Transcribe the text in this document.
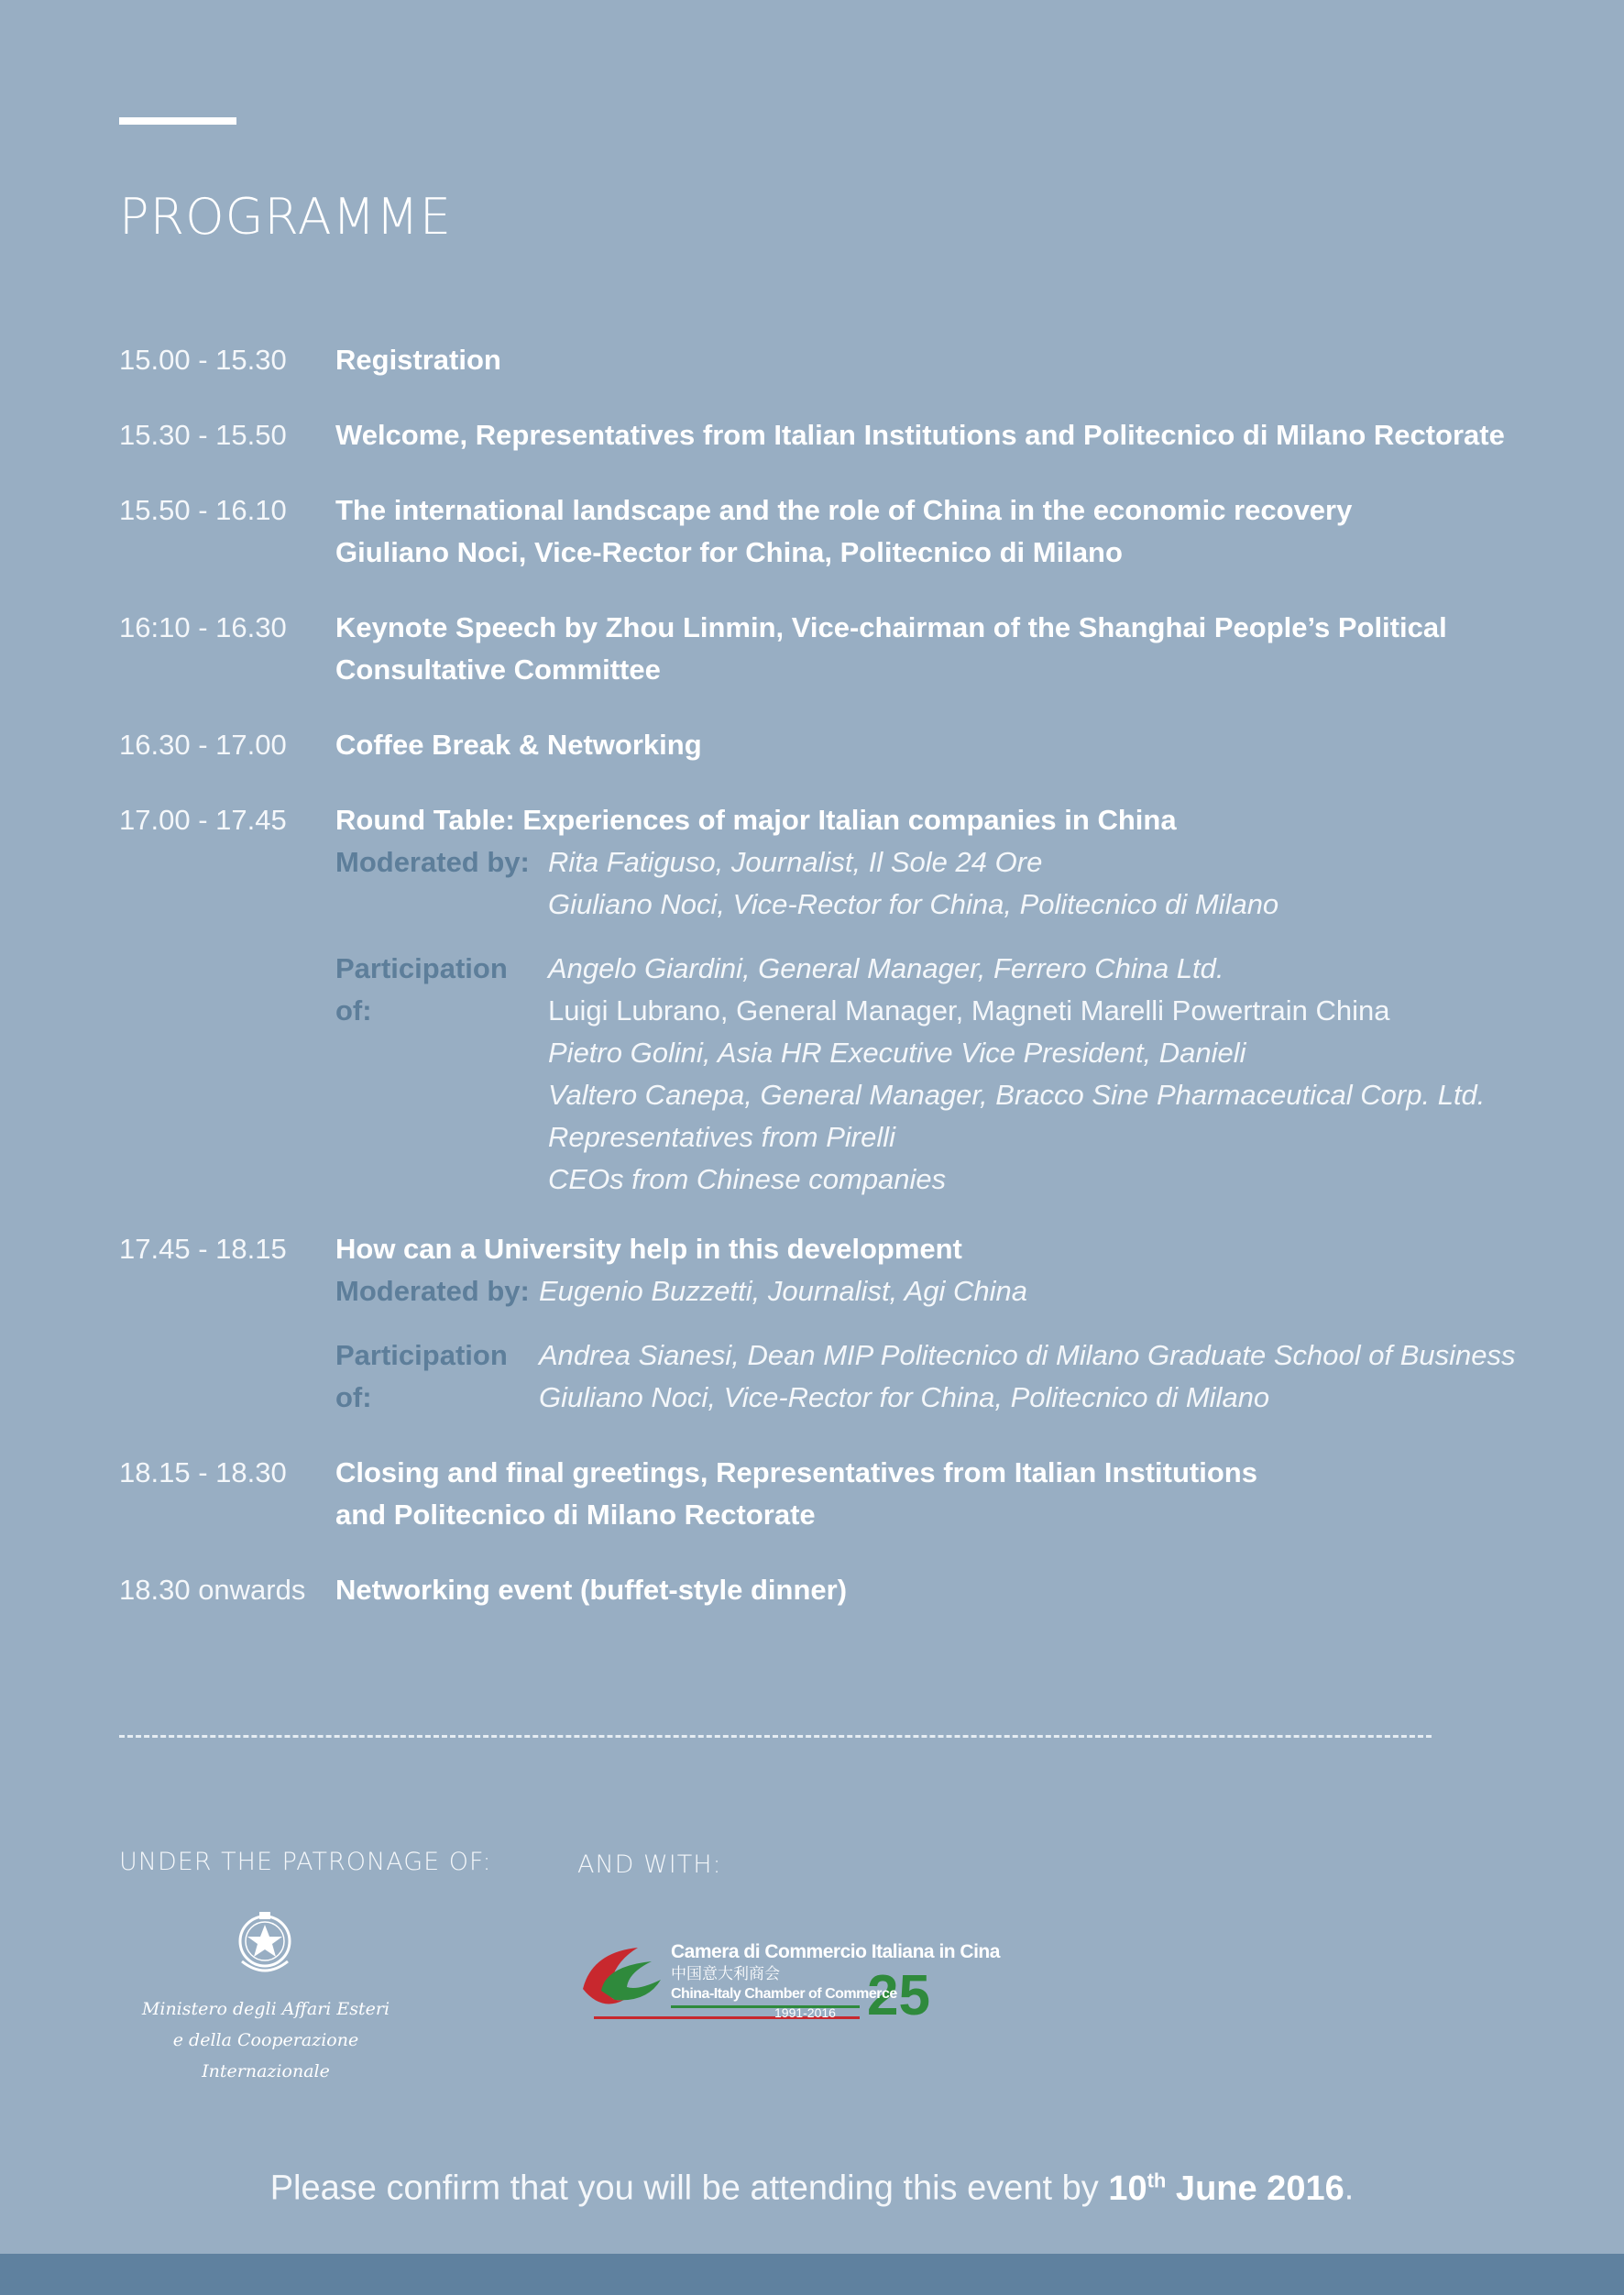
PROGRAMME
15.00 - 15.30	Registration
15.30 - 15.50	Welcome, Representatives from Italian Institutions and Politecnico di Milano Rectorate
15.50 - 16.10	The international landscape and the role of China in the economic recovery
Giuliano Noci, Vice-Rector for China, Politecnico di Milano
16:10 - 16.30	Keynote Speech by Zhou Linmin, Vice-chairman of the Shanghai People’s Political
Consultative Committee
16.30 - 17.00	Coffee Break & Networking
17.00 - 17.45	Round Table: Experiences of major Italian companies in China
Moderated by: Rita Fatiguso, Journalist, Il Sole 24 Ore
Giuliano Noci, Vice-Rector for China, Politecnico di Milano
Participation of:
Angelo Giardini, General Manager, Ferrero China Ltd.
Luigi Lubrano, General Manager, Magneti Marelli Powertrain China
Pietro Golini, Asia HR Executive Vice President, Danieli
Valtero Canepa, General Manager, Bracco Sine Pharmaceutical Corp. Ltd.
Representatives from Pirelli
CEOs from Chinese companies
17.45 - 18.15	How can a University help in this development
Moderated by: Eugenio Buzzetti, Journalist, Agi China
Participation of:
Andrea Sianesi, Dean MIP Politecnico di Milano Graduate School of Business
Giuliano Noci, Vice-Rector for China, Politecnico di Milano
18.15 - 18.30	Closing and final greetings, Representatives from Italian Institutions
and Politecnico di Milano Rectorate
18.30 onwards	Networking event (buffet-style dinner)
UNDER THE PATRONAGE OF:	AND WITH:
Ministero degli Affari Esteri
e della Cooperazione Internazionale
25
Camera di Commercio Italiana in Cina
中国意大利商会
China-Italy Chamber of Commerce
1991-2016
Please confirm that you will be attending this event by 10th June 2016.
